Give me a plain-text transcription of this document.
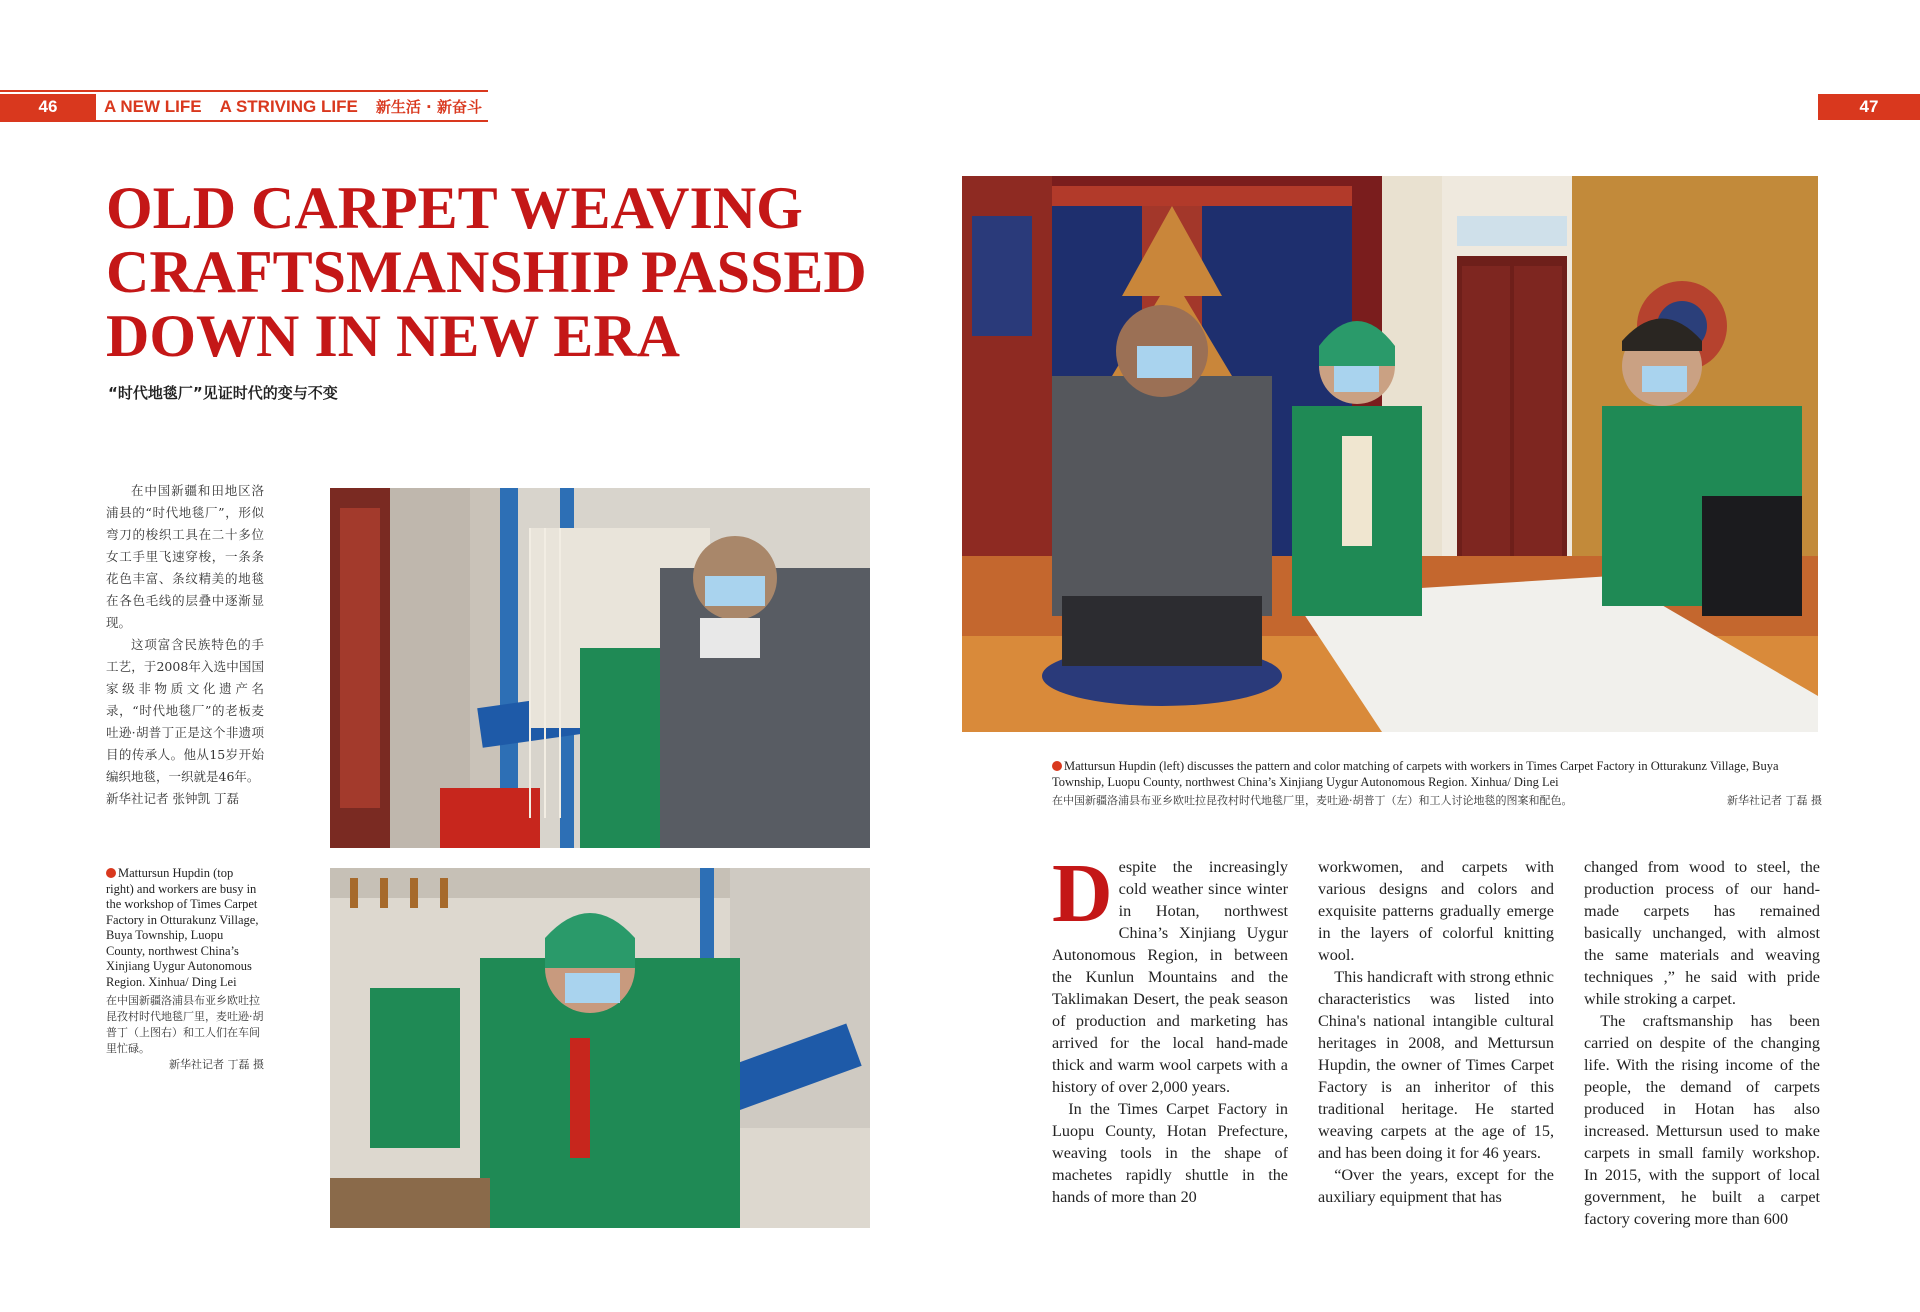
46	A NEW LIFE A STRIVING LIFE 新生活 · 新奋斗	47
OLD CARPET WEAVING
CRAFTSMANSHIP PASSED
DOWN IN NEW ERA
“时代地毯厂”见证时代的变与不变

在中国新疆和田地区洛浦县的“时代地毯厂”，形似弯刀的梭织工具在二十多位女工手里飞速穿梭，一条条花色丰富、条纹精美的地毯在各色毛线的层叠中逐渐显现。

这项富含民族特色的手工艺，于2008年入选中国国家级非物质文化遗产名录，“时代地毯厂”的老板麦吐逊·胡普丁正是这个非遗项目的传承人。他从15岁开始编织地毯，一织就是46年。

新华社记者 张钟凯 丁磊

Mattursun Hupdin (top right) and workers are busy in the workshop of Times Carpet Factory in Otturakunz Village, Buya Township, Luopu County, northwest China’s Xinjiang Uygur Autonomous Region. Xinhua/ Ding Lei
在中国新疆洛浦县布亚乡欧吐拉昆孜村时代地毯厂里，麦吐逊·胡普丁（上图右）和工人们在车间里忙碌。
新华社记者 丁磊 摄
Mattursun Hupdin (left) discusses the pattern and color matching of carpets with workers in Times Carpet Factory in Otturakunz Village, Buya Township, Luopu County, northwest China’s Xinjiang Uygur Autonomous Region. Xinhua/ Ding Lei
在中国新疆洛浦县布亚乡欧吐拉昆孜村时代地毯厂里，麦吐逊·胡普丁（左）和工人讨论地毯的图案和配色。	新华社记者 丁磊 摄

Despite the increasingly cold weather since winter in Hotan, northwest China’s Xinjiang Uygur Autonomous Region, in between the Kunlun Mountains and the Taklimakan Desert, the peak season of production and marketing has arrived for the local hand-made thick and warm wool carpets with a history of over 2,000 years.

In the Times Carpet Factory in Luopu County, Hotan Prefecture, weaving tools in the shape of machetes rapidly shuttle in the hands of more than 20

workwomen, and carpets with various designs and colors and exquisite patterns gradually emerge in the layers of colorful knitting wool.

This handicraft with strong ethnic characteristics was listed into China's national intangible cultural heritages in 2008, and Mettursun Hupdin, the owner of Times Carpet Factory is an inheritor of this traditional heritage. He started weaving carpets at the age of 15, and has been doing it for 46 years.

“Over the years, except for the auxiliary equipment that has

changed from wood to steel, the production process of our hand-made carpets has remained basically unchanged, with almost the same materials and weaving techniques ,” he said with pride while stroking a carpet.

The craftsmanship has been carried on despite of the changing life. With the rising income of the people, the demand of carpets produced in Hotan has also increased. Mettursun used to make carpets in small family workshop. In 2015, with the support of local government, he built a carpet factory covering more than 600
